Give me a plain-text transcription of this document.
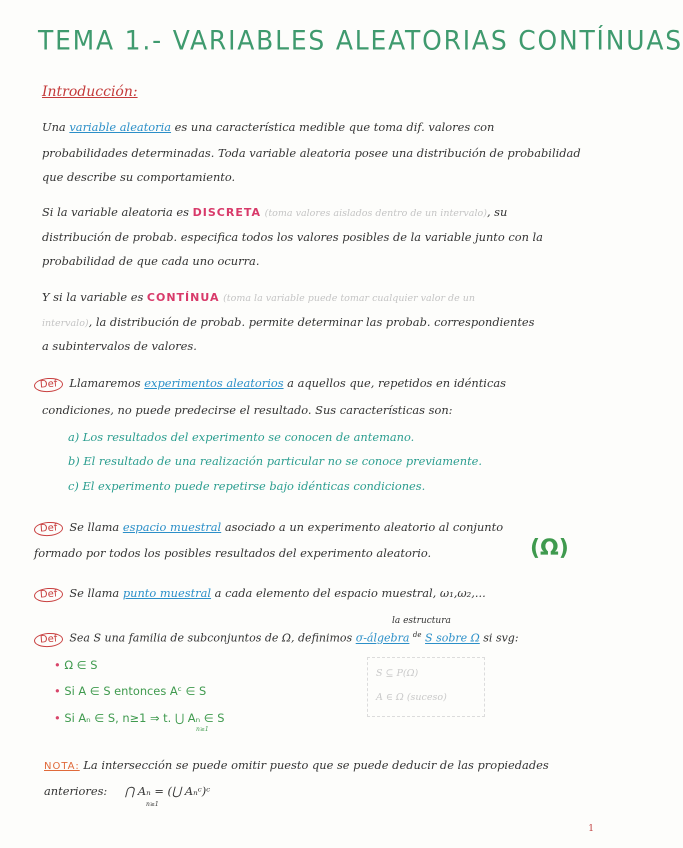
TEMA 1.- VARIABLES ALEATORIAS CONTÍNUAS
Introducción:
Una variable aleatoria es una característica medible que toma dif. valores con
probabilidades determinadas. Toda variable aleatoria posee una distribución de probabilidad
que describe su comportamiento.
Si la variable aleatoria es DISCRETA (toma valores aislados dentro de un intervalo), su
distribución de probab. especifica todos los valores posibles de la variable junto con la
probabilidad de que cada uno ocurra.
Y si la variable es CONTÍNUA (toma la variable puede tomar cualquier valor de un
intervalo), la distribución de probab. permite determinar las probab. correspondientes
a subintervalos de valores.
Def Llamaremos experimentos aleatorios a aquellos que, repetidos en idénticas
condiciones, no puede predecirse el resultado. Sus características son:
a) Los resultados del experimento se conocen de antemano.
b) El resultado de una realización particular no se conoce previamente.
c) El experimento puede repetirse bajo idénticas condiciones.
Def Se llama espacio muestral asociado a un experimento aleatorio al conjunto
formado por todos los posibles resultados del experimento aleatorio.	(Ω)
Def Se llama punto muestral a cada elemento del espacio muestral, ω₁,ω₂,...
la estructura
Def Sea S una familia de subconjuntos de Ω, definimos σ-álgebra $^{de}$ S sobre Ω si svg:
• Ω ∈ S
• Si A ∈ S entonces Aᶜ ∈ S
• Si Aₙ ∈ S, n≥1 ⇒ t. ⋃ Aₙ ∈ S
n≥1
S ⊆ P(Ω)
A ∈ Ω (suceso)
NOTA: La intersección se puede omitir puesto que se puede deducir de las propiedades
anteriores: ⋂ Aₙ = (⋃ Aₙᶜ)ᶜ
n≥1
1
